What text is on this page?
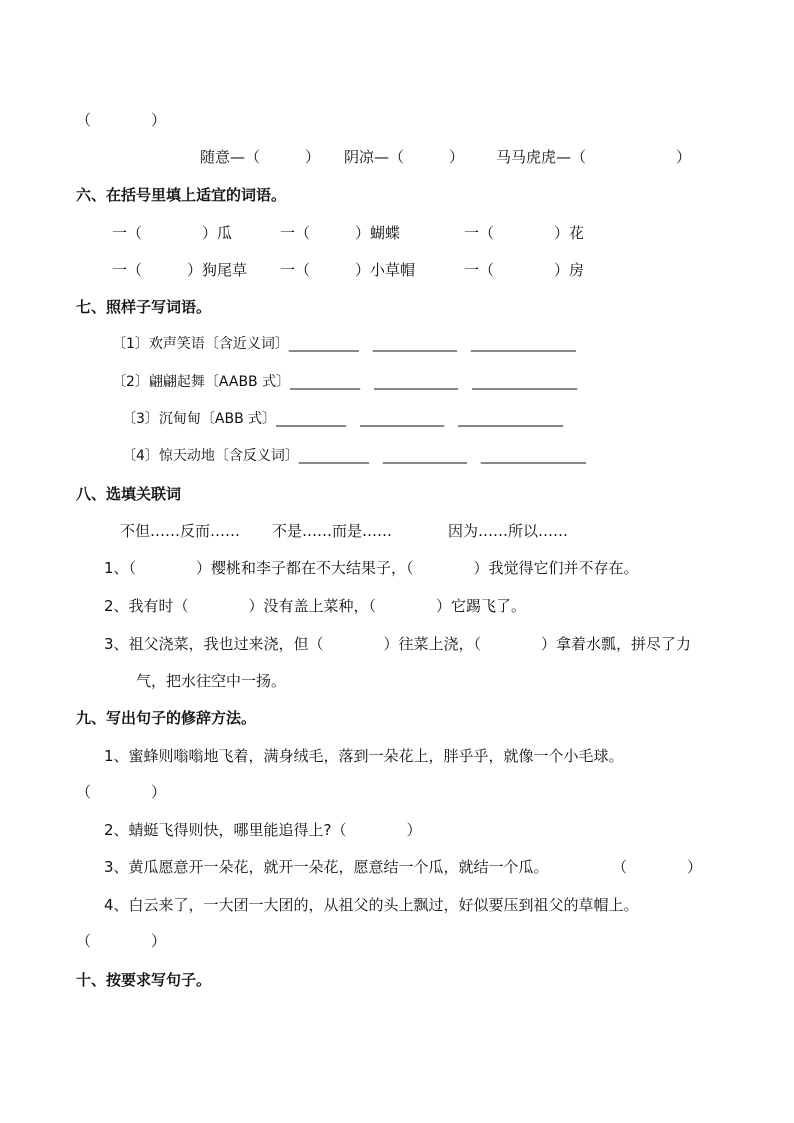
（　　　　）
随意—（　　　） 阴凉—（　　　） 马马虎虎—（　　　　　　）
六、在括号里填上适宜的词语。
一（　　　　）瓜	一（　　　）蝴蝶	一（　　　　）花
一（　　　）狗尾草 一（　　　）小草帽	一（　　　　）房
七、照样子写词语。
〔1〕欢声笑语〔含近义词〕__________　____________　_______________
〔2〕翩翩起舞〔AABB 式〕__________　____________　_______________
〔3〕沉甸甸〔ABB 式〕__________　____________　_______________
〔4〕惊天动地〔含反义词〕__________　____________　_______________
八、选填关联词
不但……反而…… 不是……而是……	因为……所以……
1、（　　　　）樱桃和李子都在不大结果子，（　　　　）我觉得它们并不存在。
2、我有时（　　　　）没有盖上菜种，（　　　　）它踢飞了。
3、祖父浇菜，我也过来浇，但（　　　　）往菜上浇，（　　　　）拿着水瓢，拼尽了力
气，把水往空中一扬。
九、写出句子的修辞方法。
1、蜜蜂则嗡嗡地飞着，满身绒毛，落到一朵花上，胖乎乎，就像一个小毛球。
（　　　　）
2、蜻蜓飞得则快，哪里能追得上?（　　　　）
3、黄瓜愿意开一朵花，就开一朵花，愿意结一个瓜，就结一个瓜。	（　　　　）
4、白云来了，一大团一大团的，从祖父的头上飘过，好似要压到祖父的草帽上。
（　　　　）
十、按要求写句子。
